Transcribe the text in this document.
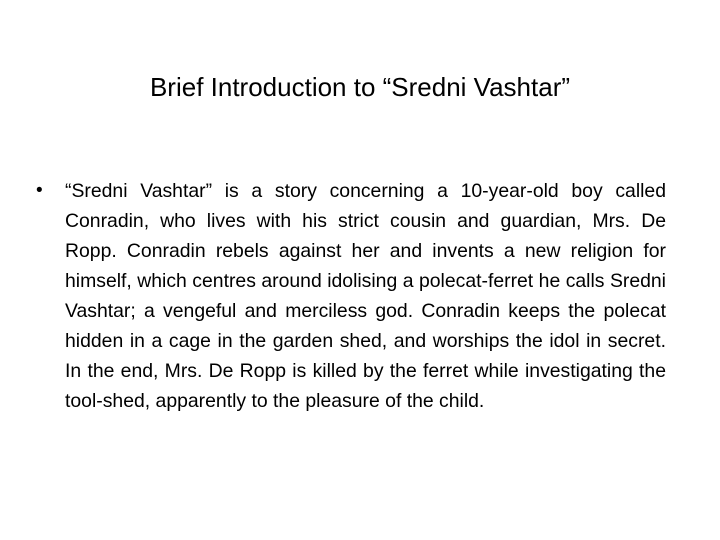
Brief Introduction to “Sredni Vashtar”
• “Sredni Vashtar” is a story concerning a 10-year-old boy called Conradin, who lives with his strict cousin and guardian, Mrs. De Ropp. Conradin rebels against her and invents a new religion for himself, which centres around idolising a polecat-ferret he calls Sredni Vashtar; a vengeful and merciless god. Conradin keeps the polecat hidden in a cage in the garden shed, and worships the idol in secret. In the end, Mrs. De Ropp is killed by the ferret while investigating the tool-shed, apparently to the pleasure of the child.
